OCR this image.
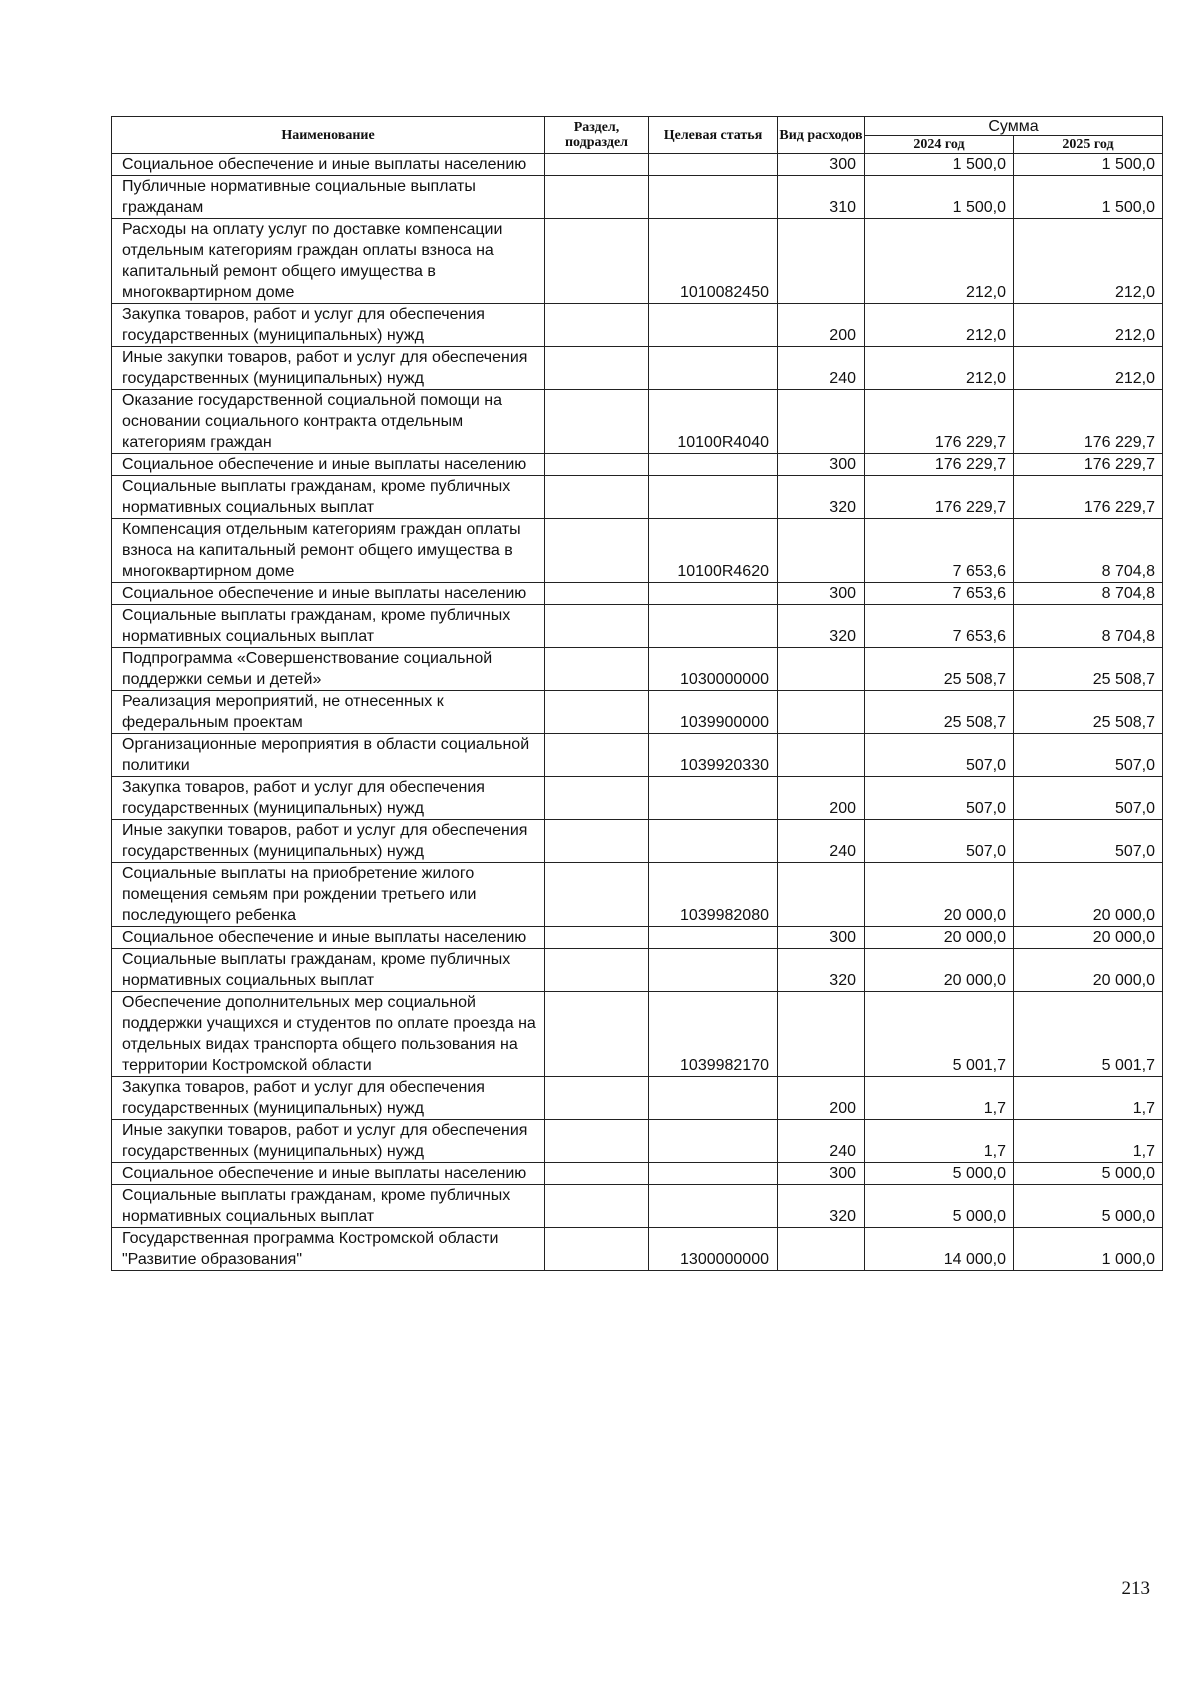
Наименование	Раздел, подраздел	Целевая статья	Вид расходов	Сумма	
				2024 год	2025 год
Социальное обеспечение и иные выплаты населению			300	1 500,0	1 500,0
Публичные нормативные социальные выплаты гражданам			310	1 500,0	1 500,0
Расходы на оплату услуг по доставке компенсации отдельным категориям граждан оплаты взноса на капитальный ремонт общего имущества в многоквартирном доме		1010082450		212,0	212,0
Закупка товаров, работ и услуг для обеспечения государственных (муниципальных) нужд			200	212,0	212,0
Иные закупки товаров, работ и услуг для обеспечения государственных (муниципальных) нужд			240	212,0	212,0
Оказание государственной социальной помощи на основании социального контракта отдельным категориям граждан		10100R4040		176 229,7	176 229,7
Социальное обеспечение и иные выплаты населению			300	176 229,7	176 229,7
Социальные выплаты гражданам, кроме публичных нормативных социальных выплат			320	176 229,7	176 229,7
Компенсация отдельным категориям граждан оплаты взноса на капитальный ремонт общего имущества в многоквартирном доме		10100R4620		7 653,6	8 704,8
Социальное обеспечение и иные выплаты населению			300	7 653,6	8 704,8
Социальные выплаты гражданам, кроме публичных нормативных социальных выплат			320	7 653,6	8 704,8
Подпрограмма «Совершенствование социальной поддержки семьи и детей»		1030000000		25 508,7	25 508,7
Реализация мероприятий, не отнесенных к федеральным проектам		1039900000		25 508,7	25 508,7
Организационные мероприятия в области социальной политики		1039920330		507,0	507,0
Закупка товаров, работ и услуг для обеспечения государственных (муниципальных) нужд			200	507,0	507,0
Иные закупки товаров, работ и услуг для обеспечения государственных (муниципальных) нужд			240	507,0	507,0
Социальные выплаты на приобретение жилого помещения семьям при рождении третьего или последующего ребенка		1039982080		20 000,0	20 000,0
Социальное обеспечение и иные выплаты населению			300	20 000,0	20 000,0
Социальные выплаты гражданам, кроме публичных нормативных социальных выплат			320	20 000,0	20 000,0
Обеспечение дополнительных мер социальной поддержки учащихся и студентов по оплате проезда на отдельных видах транспорта общего пользования на территории Костромской области		1039982170		5 001,7	5 001,7
Закупка товаров, работ и услуг для обеспечения государственных (муниципальных) нужд			200	1,7	1,7
Иные закупки товаров, работ и услуг для обеспечения государственных (муниципальных) нужд			240	1,7	1,7
Социальное обеспечение и иные выплаты населению			300	5 000,0	5 000,0
Социальные выплаты гражданам, кроме публичных нормативных социальных выплат			320	5 000,0	5 000,0
Государственная программа Костромской области "Развитие образования"		1300000000		14 000,0	1 000,0
213
